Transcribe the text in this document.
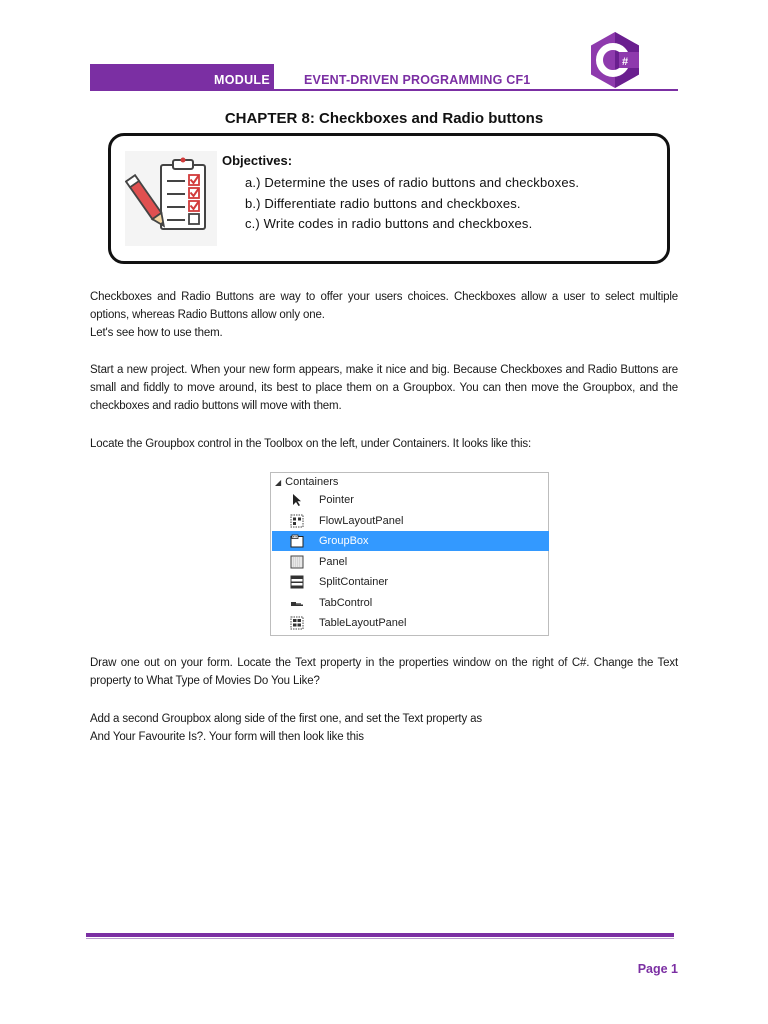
MODULE	EVENT-DRIVEN PROGRAMMING CF1
#
CHAPTER 8: Checkboxes and Radio buttons
Objectives:
a.) Determine the uses of radio buttons and checkboxes.
b.) Differentiate radio buttons and checkboxes.
c.) Write codes in radio buttons and checkboxes.
Checkboxes and Radio Buttons are way to offer your users choices. Checkboxes allow a user to select multiple options, whereas Radio Buttons allow only one.
Let's see how to use them.
Start a new project. When your new form appears, make it nice and big. Because Checkboxes and Radio Buttons are small and fiddly to move around, its best to place them on a Groupbox. You can then move the Groupbox, and the checkboxes and radio buttons will move with them.
Locate the Groupbox control in the Toolbox on the left, under Containers. It looks like this:
◢ Containers
Pointer
FlowLayoutPanel
GroupBox
Panel
SplitContainer
TabControl
TableLayoutPanel
Draw one out on your form. Locate the Text property in the properties window on the right of C#. Change the Text property to What Type of Movies Do You Like?
Add a second Groupbox along side of the first one, and set the Text property as
And Your Favourite Is?. Your form will then look like this
Page 1
